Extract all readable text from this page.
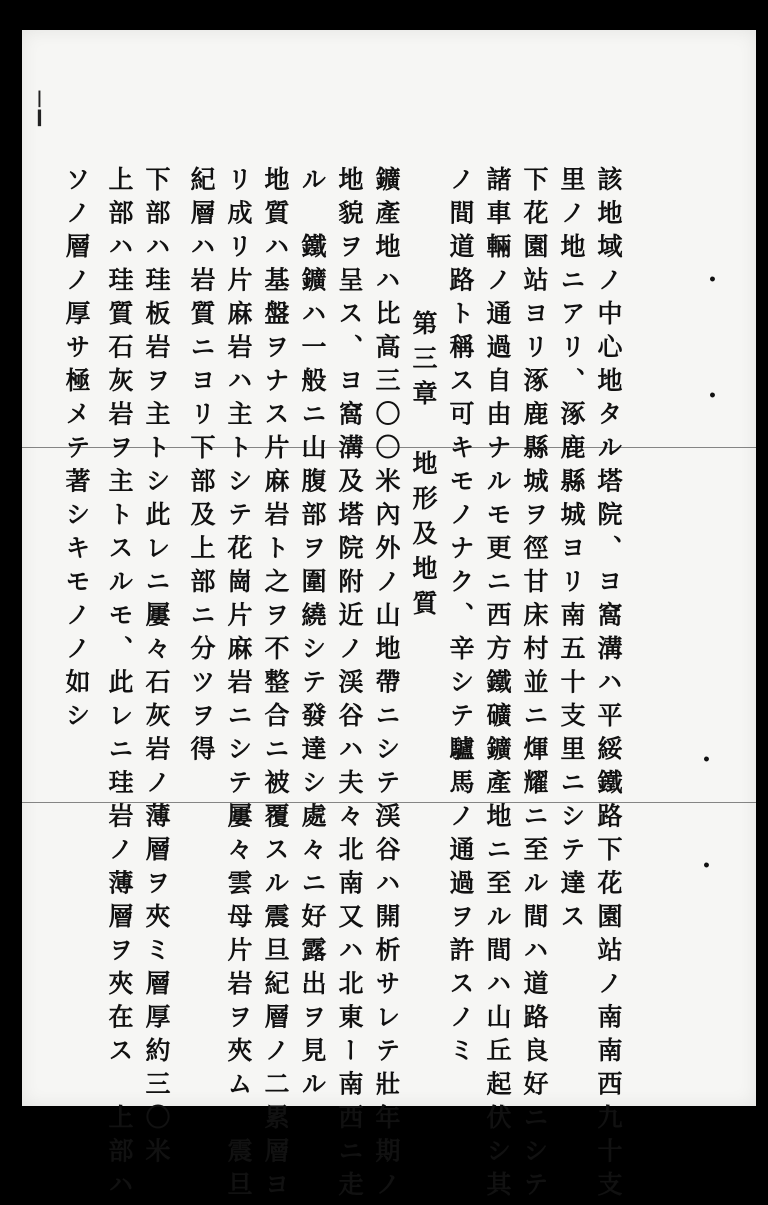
❘❙
•
•
•
•
該地域ノ中心地タル塔院、ヨ窩溝ハ平綏鐵路下花園站ノ南南西九十支
里ノ地ニアリ、涿鹿縣城ヨリ南五十支里ニシテ達ス
下花園站ヨリ涿鹿縣城ヲ徑甘床村並ニ煇耀ニ至ル間ハ道路良好ニシテ
諸車輛ノ通過自由ナルモ更ニ西方鐵礦鑛產地ニ至ル間ハ山丘起伏シ其
ノ間道路ト稱ス可キモノナク、辛シテ驢馬ノ通過ヲ許スノミ
第三章　地形及地質
鑛產地ハ比高三〇〇米內外ノ山地帶ニシテ渓谷ハ開析サレテ壯年期ノ
地貌ヲ呈ス、ヨ窩溝及塔院附近ノ渓谷ハ夫々北南又ハ北東ー南西ニ走
ル　鐵鑛ハ一般ニ山腹部ヲ圍繞シテ發達シ處々ニ好露出ヲ見ル
地質ハ基盤ヲナス片麻岩ト之ヲ不整合ニ被覆スル震旦紀層ノ二累層ヨ
リ成リ片麻岩ハ主トシテ花崗片麻岩ニシテ屢々雲母片岩ヲ夾ム　震旦
紀層ハ岩質ニヨリ下部及上部ニ分ツヲ得
下部ハ珪板岩ヲ主トシ此レニ屢々石灰岩ノ薄層ヲ夾ミ層厚約三〇米
上部ハ珪質石灰岩ヲ主トスルモ、此レニ珪岩ノ薄層ヲ夾在ス　上部ハ
ソノ層ノ厚サ極メテ著シキモノノ如シ
